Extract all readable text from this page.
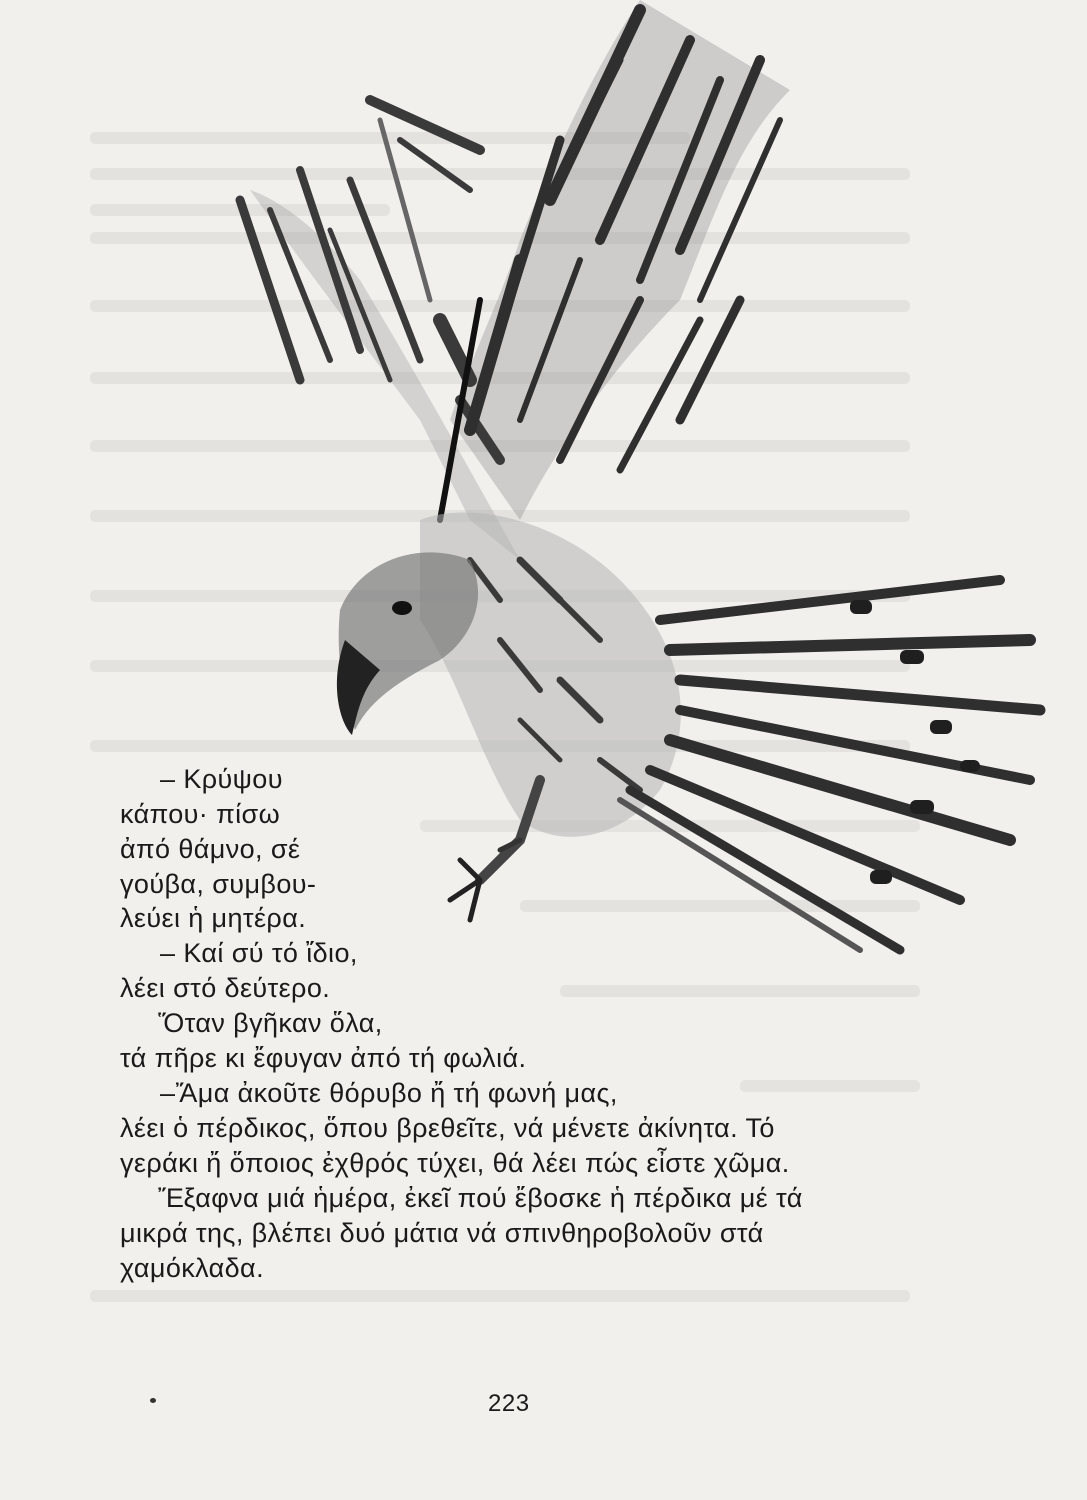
– Κρύψου
κάπου· πίσω
ἀπό θάμνο, σέ
γούβα, συμβου-
λεύει ἡ μητέρα.
– Καί σύ τό ἴδιο,
λέει στό δεύτερο.
Ὅταν βγῆκαν ὅλα,
τά πῆρε κι ἔφυγαν ἀπό τή φωλιά.
–Ἄμα ἀκοῦτε θόρυβο ἤ τή φωνή μας,
λέει ὁ πέρδικος, ὅπου βρεθεῖτε, νά μένετε ἀκίνητα. Τό
γεράκι ἤ ὅποιος ἐχθρός τύχει, θά λέει πώς εἶστε χῶμα.
Ἔξαφνα μιά ἡμέρα, ἐκεῖ πού ἔβοσκε ἡ πέρδικα μέ τά
μικρά της, βλέπει δυό μάτια νά σπινθηροβολοῦν στά
χαμόκλαδα.
223
